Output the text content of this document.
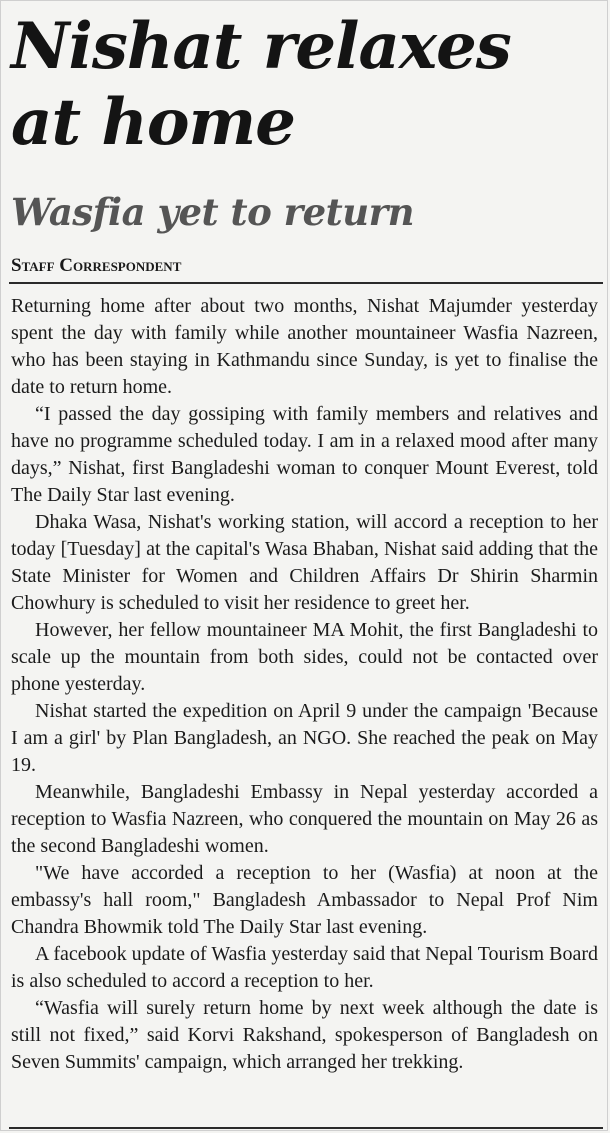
Nishat relaxes at home
Wasfia yet to return
Staff Correspondent

Returning home after about two months, Nishat Majumder yesterday spent the day with family while another mountaineer Wasfia Nazreen, who has been staying in Kathmandu since Sunday, is yet to finalise the date to return home.

“I passed the day gossiping with family members and relatives and have no programme scheduled today. I am in a relaxed mood after many days,” Nishat, first Bangladeshi woman to conquer Mount Everest, told The Daily Star last evening.

Dhaka Wasa, Nishat's working station, will accord a reception to her today [Tuesday] at the capital's Wasa Bhaban, Nishat said adding that the State Minister for Women and Children Affairs Dr Shirin Sharmin Chowhury is scheduled to visit her residence to greet her.

However, her fellow mountaineer MA Mohit, the first Bangladeshi to scale up the mountain from both sides, could not be contacted over phone yesterday.

Nishat started the expedition on April 9 under the campaign 'Because I am a girl' by Plan Bangladesh, an NGO. She reached the peak on May 19.

Meanwhile, Bangladeshi Embassy in Nepal yesterday accorded a reception to Wasfia Nazreen, who conquered the mountain on May 26 as the second Bangladeshi women.

"We have accorded a reception to her (Wasfia) at noon at the embassy's hall room," Bangladesh Ambassador to Nepal Prof Nim Chandra Bhowmik told The Daily Star last evening.

A facebook update of Wasfia yesterday said that Nepal Tourism Board is also scheduled to accord a reception to her.

“Wasfia will surely return home by next week although the date is still not fixed,” said Korvi Rakshand, spokesperson of Bangladesh on Seven Summits' campaign, which arranged her trekking.
